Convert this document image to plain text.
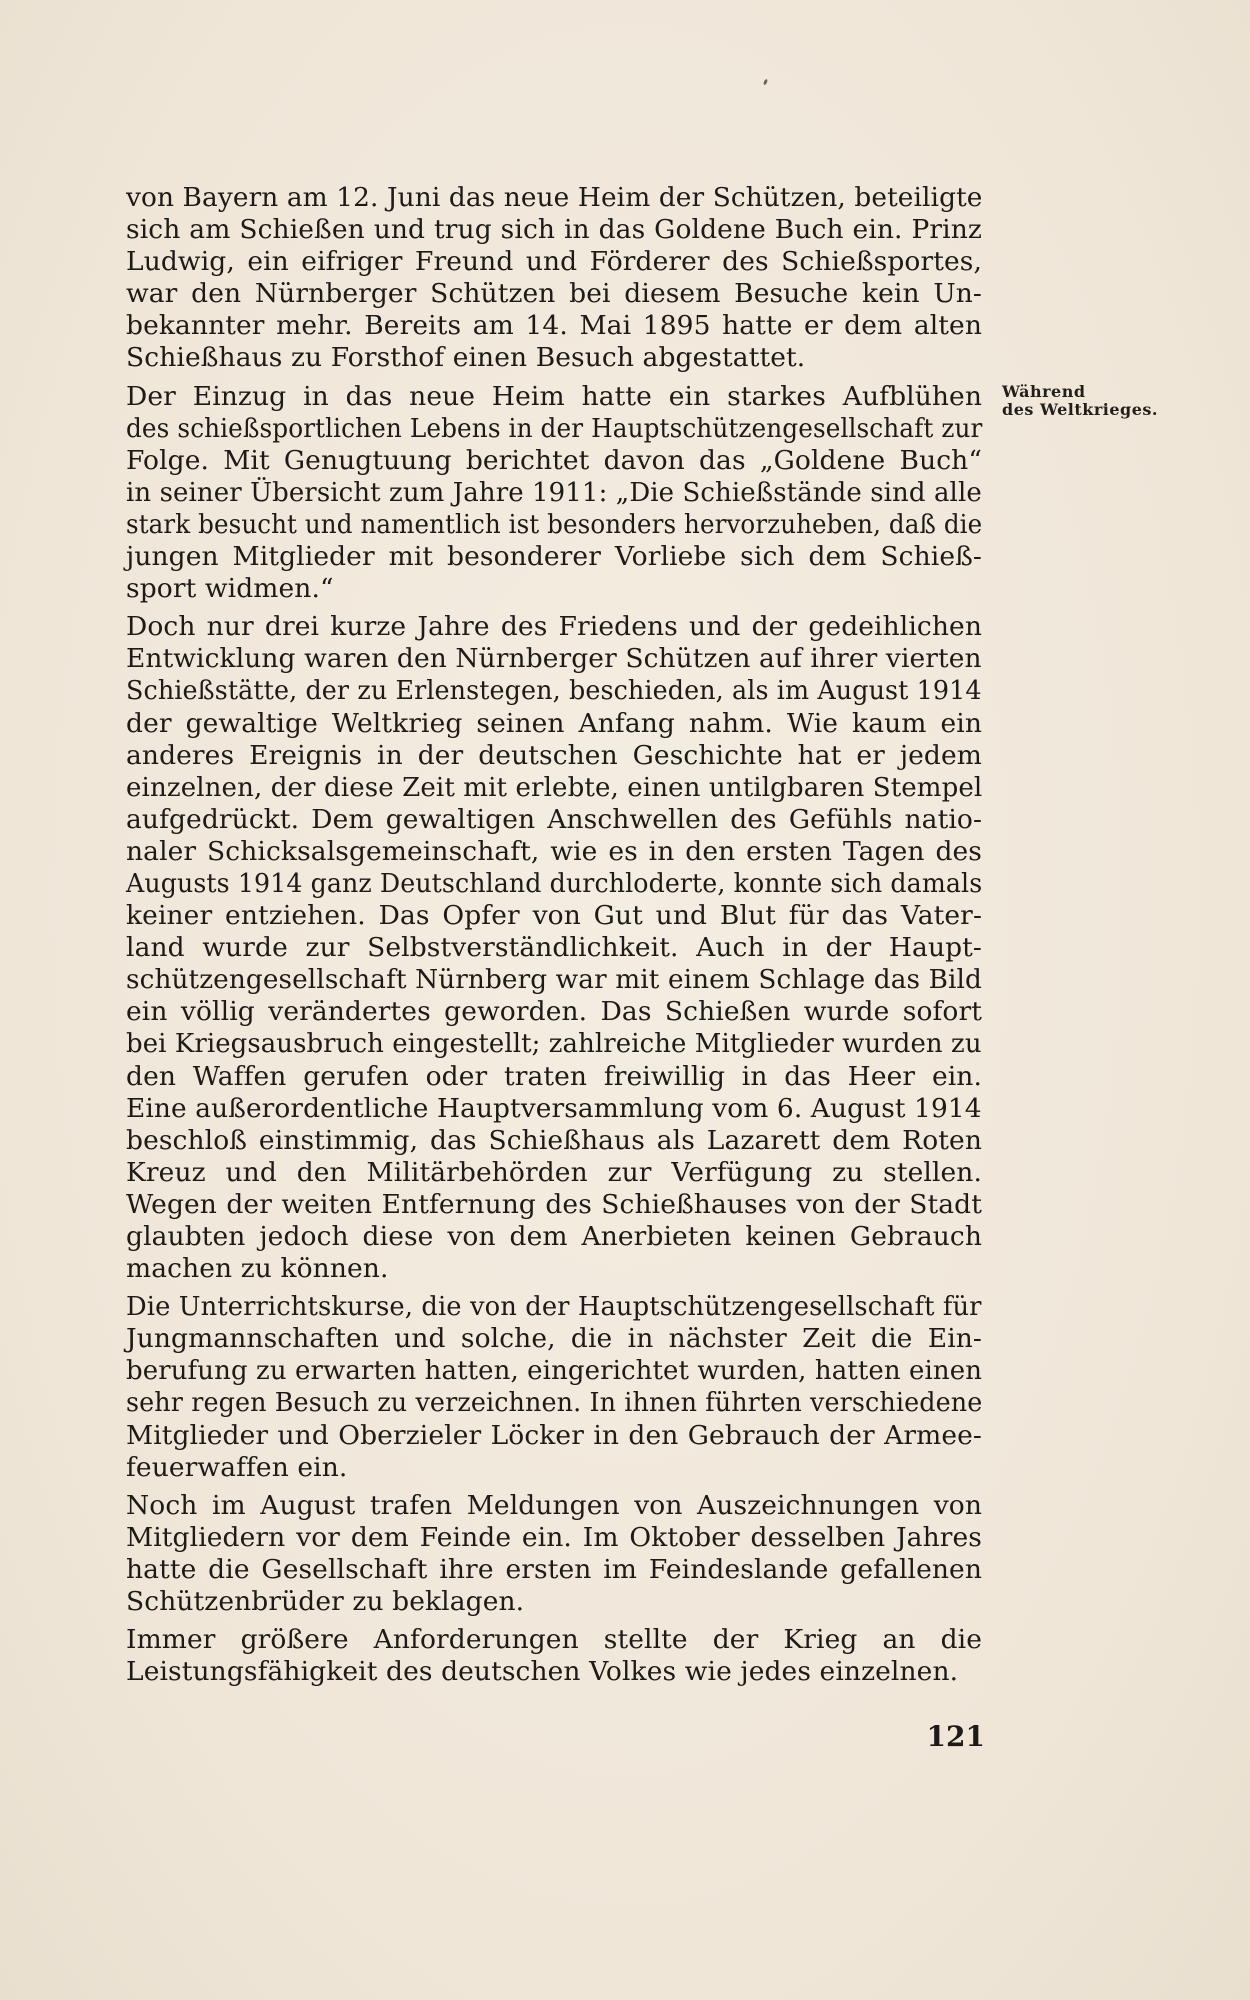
Während
des Weltkrieges.
von Bayern am 12. Juni das neue Heim der Schützen, beteiligte
sich am Schießen und trug sich in das Goldene Buch ein. Prinz
Ludwig, ein eifriger Freund und Förderer des Schießsportes,
war den Nürnberger Schützen bei diesem Besuche kein Un-
bekannter mehr. Bereits am 14. Mai 1895 hatte er dem alten
Schießhaus zu Forsthof einen Besuch abgestattet.
Der Einzug in das neue Heim hatte ein starkes Aufblühen
des schießsportlichen Lebens in der Hauptschützengesellschaft zur
Folge. Mit Genugtuung berichtet davon das „Goldene Buch“
in seiner Übersicht zum Jahre 1911: „Die Schießstände sind alle
stark besucht und namentlich ist besonders hervorzuheben, daß die
jungen Mitglieder mit besonderer Vorliebe sich dem Schieß-
sport widmen.“
Doch nur drei kurze Jahre des Friedens und der gedeihlichen
Entwicklung waren den Nürnberger Schützen auf ihrer vierten
Schießstätte, der zu Erlenstegen, beschieden, als im August 1914
der gewaltige Weltkrieg seinen Anfang nahm. Wie kaum ein
anderes Ereignis in der deutschen Geschichte hat er jedem
einzelnen, der diese Zeit mit erlebte, einen untilgbaren Stempel
aufgedrückt. Dem gewaltigen Anschwellen des Gefühls natio-
naler Schicksalsgemeinschaft, wie es in den ersten Tagen des
Augusts 1914 ganz Deutschland durchloderte, konnte sich damals
keiner entziehen. Das Opfer von Gut und Blut für das Vater-
land wurde zur Selbstverständlichkeit. Auch in der Haupt-
schützengesellschaft Nürnberg war mit einem Schlage das Bild
ein völlig verändertes geworden. Das Schießen wurde sofort
bei Kriegsausbruch eingestellt; zahlreiche Mitglieder wurden zu
den Waffen gerufen oder traten freiwillig in das Heer ein.
Eine außerordentliche Hauptversammlung vom 6. August 1914
beschloß einstimmig, das Schießhaus als Lazarett dem Roten
Kreuz und den Militärbehörden zur Verfügung zu stellen.
Wegen der weiten Entfernung des Schießhauses von der Stadt
glaubten jedoch diese von dem Anerbieten keinen Gebrauch
machen zu können.
Die Unterrichtskurse, die von der Hauptschützengesellschaft für
Jungmannschaften und solche, die in nächster Zeit die Ein-
berufung zu erwarten hatten, eingerichtet wurden, hatten einen
sehr regen Besuch zu verzeichnen. In ihnen führten verschiedene
Mitglieder und Oberzieler Löcker in den Gebrauch der Armee-
feuerwaffen ein.
Noch im August trafen Meldungen von Auszeichnungen von
Mitgliedern vor dem Feinde ein. Im Oktober desselben Jahres
hatte die Gesellschaft ihre ersten im Feindeslande gefallenen
Schützenbrüder zu beklagen.
Immer größere Anforderungen stellte der Krieg an die
Leistungsfähigkeit des deutschen Volkes wie jedes einzelnen.
121
